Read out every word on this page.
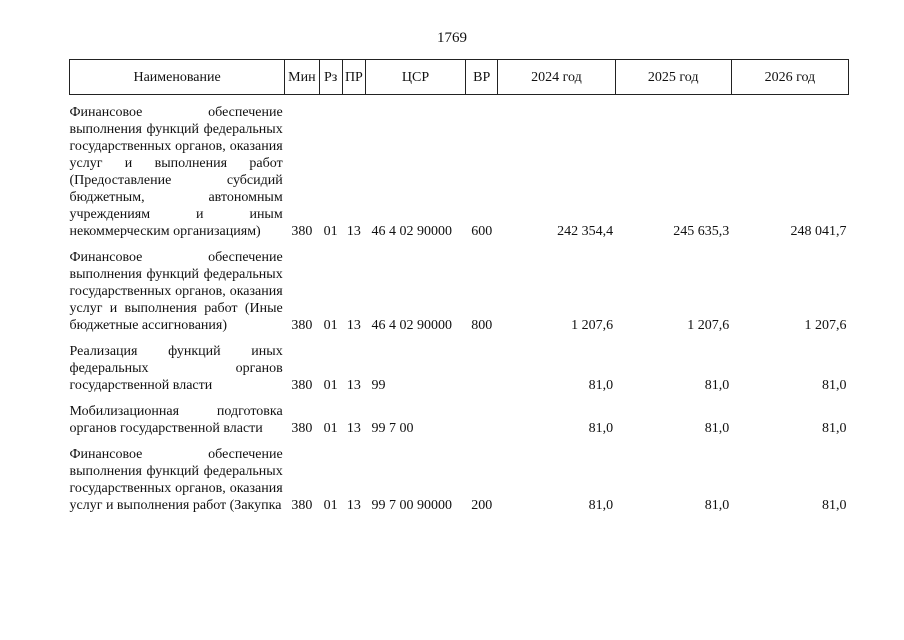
1769
Наименование	Мин	Рз	ПР	ЦСР	ВР	2024 год	2025 год	2026 год
Финансовое обеспечение выполнения функций федеральных государственных органов, оказания услуг и выполнения работ (Предоставление субсидий бюджетным, автономным учреждениям и иным некоммерческим организациям)	380	01	13	46 4 02 90000	600	242 354,4	245 635,3	248 041,7
Финансовое обеспечение выполнения функций федеральных государственных органов, оказания услуг и выполнения работ (Иные бюджетные ассигнования)	380	01	13	46 4 02 90000	800	1 207,6	1 207,6	1 207,6
Реализация функций иных федеральных органов государственной власти	380	01	13	99		81,0	81,0	81,0
Мобилизационная подготовка органов государственной власти	380	01	13	99 7 00		81,0	81,0	81,0
Финансовое обеспечение выполнения функций федеральных государственных органов, оказания услуг и выполнения работ (Закупка	380	01	13	99 7 00 90000	200	81,0	81,0	81,0
